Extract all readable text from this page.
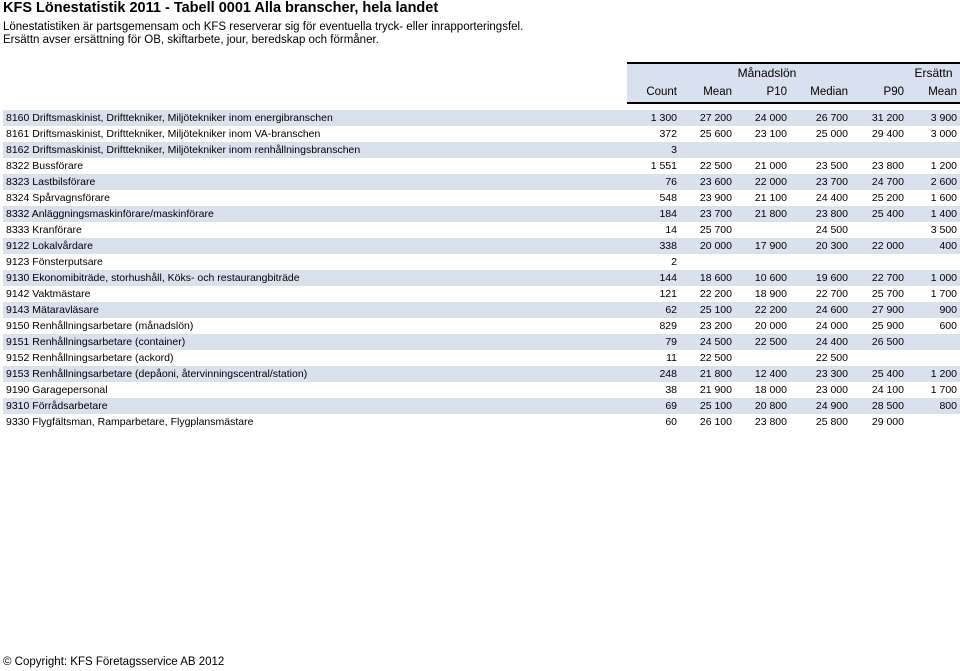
KFS Lönestatistik 2011 - Tabell 0001 Alla branscher, hela landet
Lönestatistiken är partsgemensam och KFS reserverar sig för eventuella tryck- eller inrapporteringsfel.
Ersättn avser ersättning för OB, skiftarbete, jour, beredskap och förmåner.
	Månadslön					Ersättn
	Count	Mean	P10	Median	P90	Mean

8160 Driftsmaskinist, Drifttekniker, Miljötekniker inom energibranschen	1 300	27 200	24 000	26 700	31 200	3 900
8161 Driftsmaskinist, Drifttekniker, Miljötekniker inom VA-branschen	372	25 600	23 100	25 000	29 400	3 000
8162 Driftsmaskinist, Drifttekniker, Miljötekniker inom renhållningsbranschen	3					
8322 Bussförare	1 551	22 500	21 000	23 500	23 800	1 200
8323 Lastbilsförare	76	23 600	22 000	23 700	24 700	2 600
8324 Spårvagnsförare	548	23 900	21 100	24 400	25 200	1 600
8332 Anläggningsmaskinförare/maskinförare	184	23 700	21 800	23 800	25 400	1 400
8333 Kranförare	14	25 700		24 500		3 500
9122 Lokalvårdare	338	20 000	17 900	20 300	22 000	400
9123 Fönsterputsare	2					
9130 Ekonomibiträde, storhushåll, Köks- och restaurangbiträde	144	18 600	10 600	19 600	22 700	1 000
9142 Vaktmästare	121	22 200	18 900	22 700	25 700	1 700
9143 Mätaravläsare	62	25 100	22 200	24 600	27 900	900
9150 Renhållningsarbetare (månadslön)	829	23 200	20 000	24 000	25 900	600
9151 Renhållningsarbetare (container)	79	24 500	22 500	24 400	26 500	
9152 Renhållningsarbetare (ackord)	11	22 500		22 500		
9153 Renhållningsarbetare (depåoni, återvinningscentral/station)	248	21 800	12 400	23 300	25 400	1 200
9190 Garagepersonal	38	21 900	18 000	23 000	24 100	1 700
9310 Förrådsarbetare	69	25 100	20 800	24 900	28 500	800
9330 Flygfältsman, Ramparbetare, Flygplansmästare	60	26 100	23 800	25 800	29 000	
© Copyright: KFS Företagsservice AB 2012
